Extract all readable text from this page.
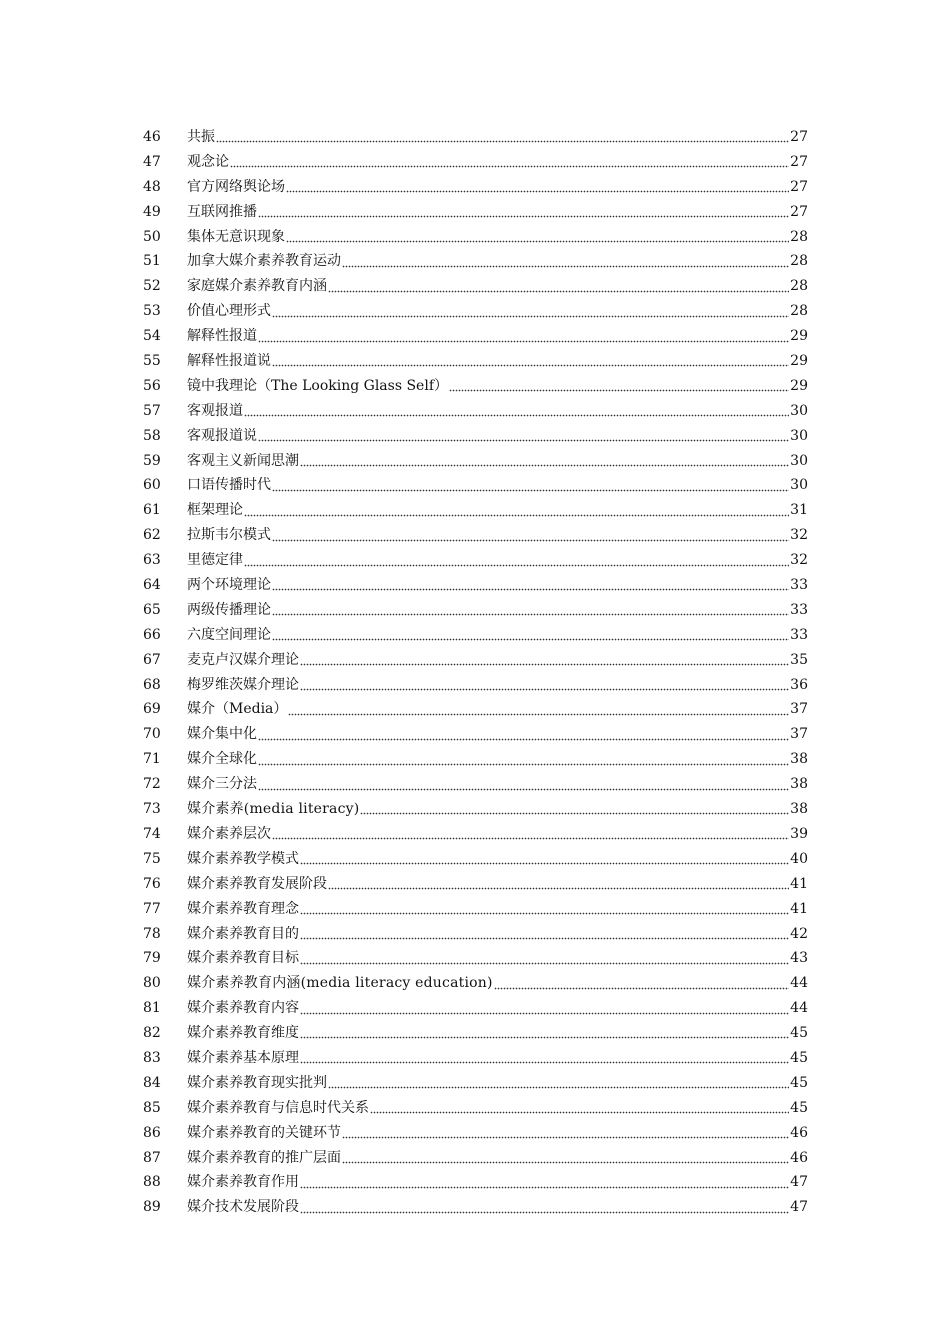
46	共振	27
47	观念论	27
48	官方网络舆论场	27
49	互联网推播	27
50	集体无意识现象	28
51	加拿大媒介素养教育运动	28
52	家庭媒介素养教育内涵	28
53	价值心理形式	28
54	解释性报道	29
55	解释性报道说	29
56	镜中我理论（The Looking Glass Self）	29
57	客观报道	30
58	客观报道说	30
59	客观主义新闻思潮	30
60	口语传播时代	30
61	框架理论	31
62	拉斯韦尔模式	32
63	里德定律	32
64	两个环境理论	33
65	两级传播理论	33
66	六度空间理论	33
67	麦克卢汉媒介理论	35
68	梅罗维茨媒介理论	36
69	媒介（Media）	37
70	媒介集中化	37
71	媒介全球化	38
72	媒介三分法	38
73	媒介素养(media literacy)	38
74	媒介素养层次	39
75	媒介素养教学模式	40
76	媒介素养教育发展阶段	41
77	媒介素养教育理念	41
78	媒介素养教育目的	42
79	媒介素养教育目标	43
80	媒介素养教育内涵(media literacy education)	44
81	媒介素养教育内容	44
82	媒介素养教育维度	45
83	媒介素养基本原理	45
84	媒介素养教育现实批判	45
85	媒介素养教育与信息时代关系	45
86	媒介素养教育的关键环节	46
87	媒介素养教育的推广层面	46
88	媒介素养教育作用	47
89	媒介技术发展阶段	47
